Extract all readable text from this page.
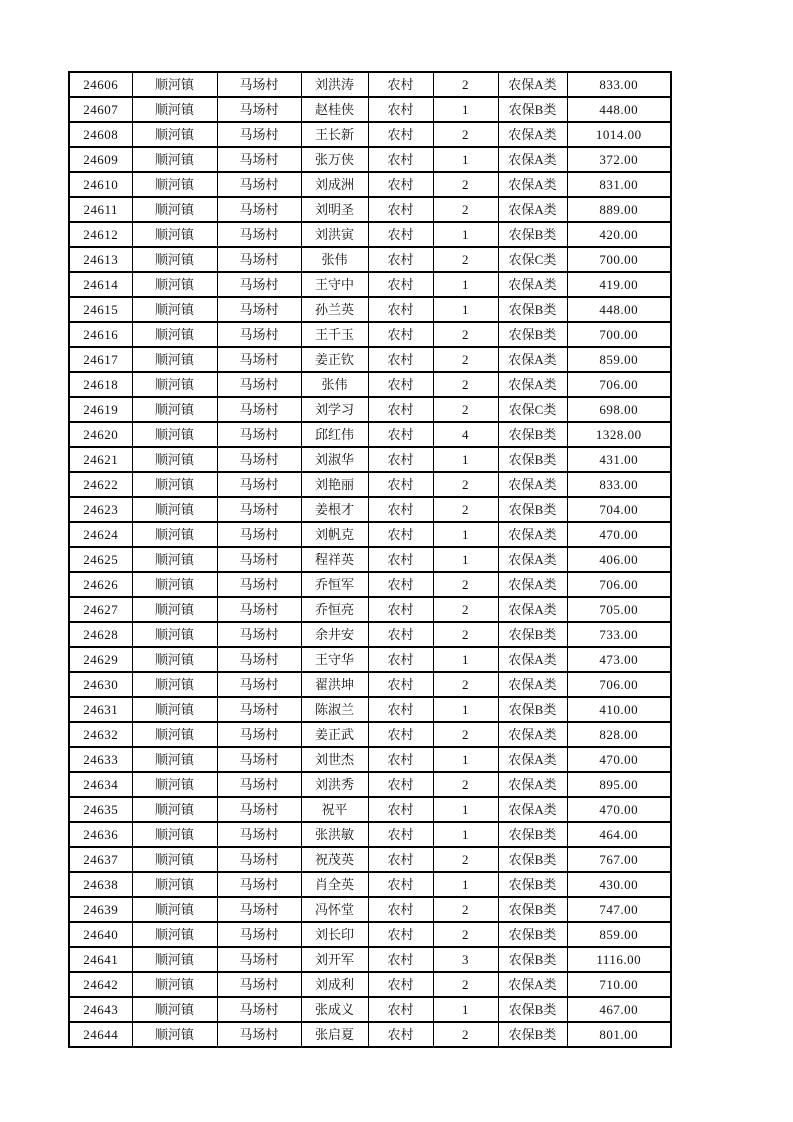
24606	顺河镇	马场村	刘洪涛	农村	2	农保A类	833.00
24607	顺河镇	马场村	赵桂侠	农村	1	农保B类	448.00
24608	顺河镇	马场村	王长新	农村	2	农保A类	1014.00
24609	顺河镇	马场村	张万侠	农村	1	农保A类	372.00
24610	顺河镇	马场村	刘成洲	农村	2	农保A类	831.00
24611	顺河镇	马场村	刘明圣	农村	2	农保A类	889.00
24612	顺河镇	马场村	刘洪寅	农村	1	农保B类	420.00
24613	顺河镇	马场村	张伟	农村	2	农保C类	700.00
24614	顺河镇	马场村	王守中	农村	1	农保A类	419.00
24615	顺河镇	马场村	孙兰英	农村	1	农保B类	448.00
24616	顺河镇	马场村	王千玉	农村	2	农保B类	700.00
24617	顺河镇	马场村	姜正钦	农村	2	农保A类	859.00
24618	顺河镇	马场村	张伟	农村	2	农保A类	706.00
24619	顺河镇	马场村	刘学习	农村	2	农保C类	698.00
24620	顺河镇	马场村	邱红伟	农村	4	农保B类	1328.00
24621	顺河镇	马场村	刘淑华	农村	1	农保B类	431.00
24622	顺河镇	马场村	刘艳丽	农村	2	农保A类	833.00
24623	顺河镇	马场村	姜根才	农村	2	农保B类	704.00
24624	顺河镇	马场村	刘帆克	农村	1	农保A类	470.00
24625	顺河镇	马场村	程祥英	农村	1	农保A类	406.00
24626	顺河镇	马场村	乔恒军	农村	2	农保A类	706.00
24627	顺河镇	马场村	乔恒亮	农村	2	农保A类	705.00
24628	顺河镇	马场村	余井安	农村	2	农保B类	733.00
24629	顺河镇	马场村	王守华	农村	1	农保A类	473.00
24630	顺河镇	马场村	翟洪坤	农村	2	农保A类	706.00
24631	顺河镇	马场村	陈淑兰	农村	1	农保B类	410.00
24632	顺河镇	马场村	姜正武	农村	2	农保A类	828.00
24633	顺河镇	马场村	刘世杰	农村	1	农保A类	470.00
24634	顺河镇	马场村	刘洪秀	农村	2	农保A类	895.00
24635	顺河镇	马场村	祝平	农村	1	农保A类	470.00
24636	顺河镇	马场村	张洪敏	农村	1	农保B类	464.00
24637	顺河镇	马场村	祝茂英	农村	2	农保B类	767.00
24638	顺河镇	马场村	肖全英	农村	1	农保B类	430.00
24639	顺河镇	马场村	冯怀堂	农村	2	农保B类	747.00
24640	顺河镇	马场村	刘长印	农村	2	农保B类	859.00
24641	顺河镇	马场村	刘开军	农村	3	农保B类	1116.00
24642	顺河镇	马场村	刘成利	农村	2	农保A类	710.00
24643	顺河镇	马场村	张成义	农村	1	农保B类	467.00
24644	顺河镇	马场村	张启夏	农村	2	农保B类	801.00
